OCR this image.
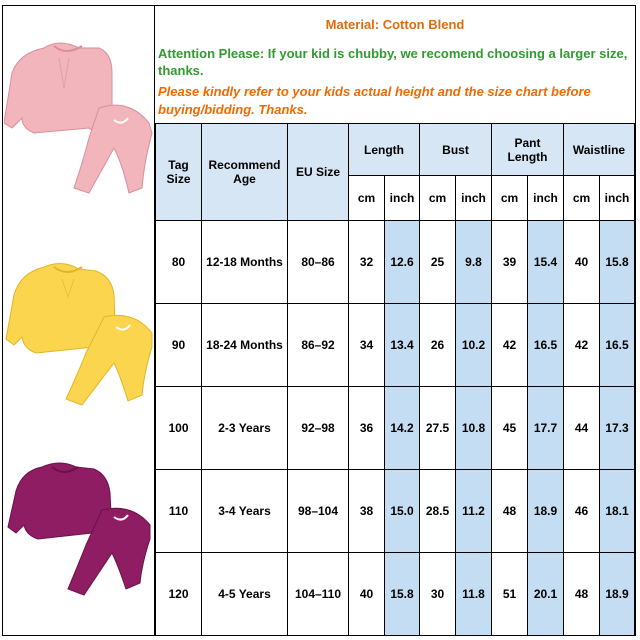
Material: Cotton Blend
Attention Please: If your kid is chubby, we recomend choosing a larger size, thanks.
Please kindly refer to your kids actual height and the size chart before buying/bidding. Thanks.
Tag Size	Recommend Age	EU Size	Length		Bust		Pant Length		Waistline	
			cm	inch	cm	inch	cm	inch	cm	inch
80	12-18 Months	80–86	32	12.6	25	9.8	39	15.4	40	15.8
90	18-24 Months	86–92	34	13.4	26	10.2	42	16.5	42	16.5
100	2-3 Years	92–98	36	14.2	27.5	10.8	45	17.7	44	17.3
110	3-4 Years	98–104	38	15.0	28.5	11.2	48	18.9	46	18.1
120	4-5 Years	104–110	40	15.8	30	11.8	51	20.1	48	18.9
